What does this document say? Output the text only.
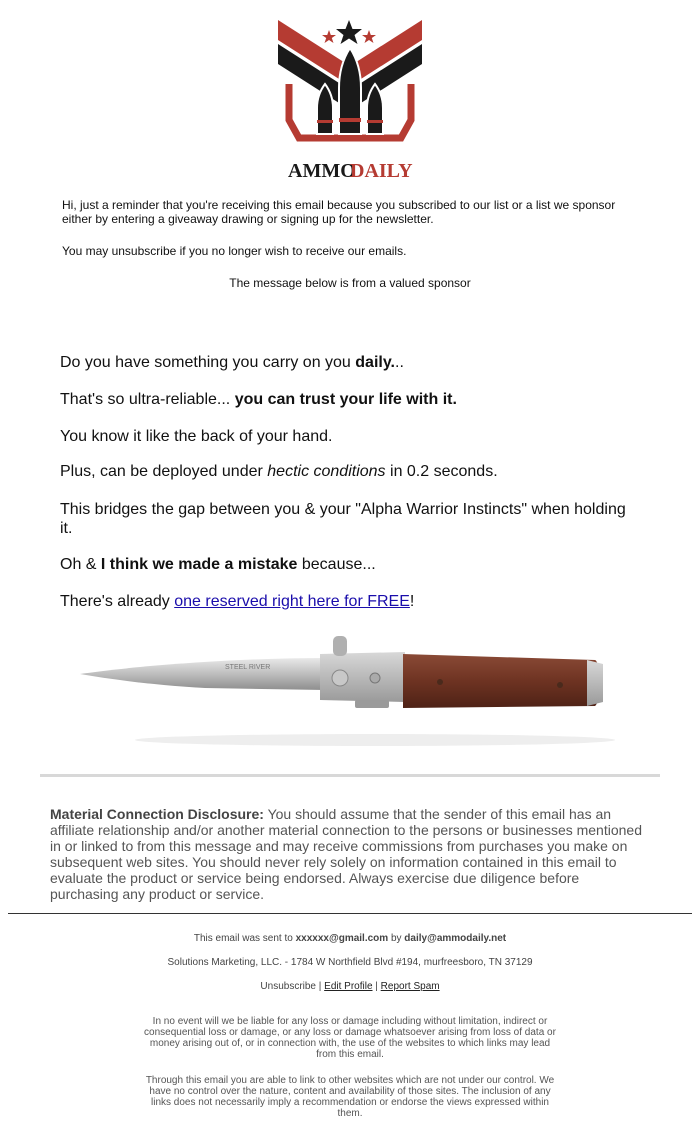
AMMO
DAILY
Hi, just a reminder that you're receiving this email because you subscribed to our list or a list we sponsor either by entering a giveaway drawing or signing up for the newsletter.
You may unsubscribe if you no longer wish to receive our emails.
The message below is from a valued sponsor
Do you have something you carry on you daily...
That's so ultra-reliable... you can trust your life with it.
You know it like the back of your hand.
Plus, can be deployed under hectic conditions in 0.2 seconds.
This bridges the gap between you & your "Alpha Warrior Instincts" when holding it.
Oh & I think we made a mistake because...
There's already one reserved right here for FREE!
STEEL RIVER
Material Connection Disclosure: You should assume that the sender of this email has an affiliate relationship and/or another material connection to the persons or businesses mentioned in or linked to from this message and may receive commissions from purchases you make on subsequent web sites. You should never rely solely on information contained in this email to evaluate the product or service being endorsed. Always exercise due diligence before purchasing any product or service.
This email was sent to xxxxxx@gmail.com by daily@ammodaily.net
Solutions Marketing, LLC. - 1784 W Northfield Blvd #194, murfreesboro, TN 37129
Unsubscribe | Edit Profile | Report Spam
In no event will we be liable for any loss or damage including without limitation, indirect or consequential loss or damage, or any loss or damage whatsoever arising from loss of data or money arising out of, or in connection with, the use of the websites to which links may lead from this email.
Through this email you are able to link to other websites which are not under our control. We have no control over the nature, content and availability of those sites. The inclusion of any links does not necessarily imply a recommendation or endorse the views expressed within them.
